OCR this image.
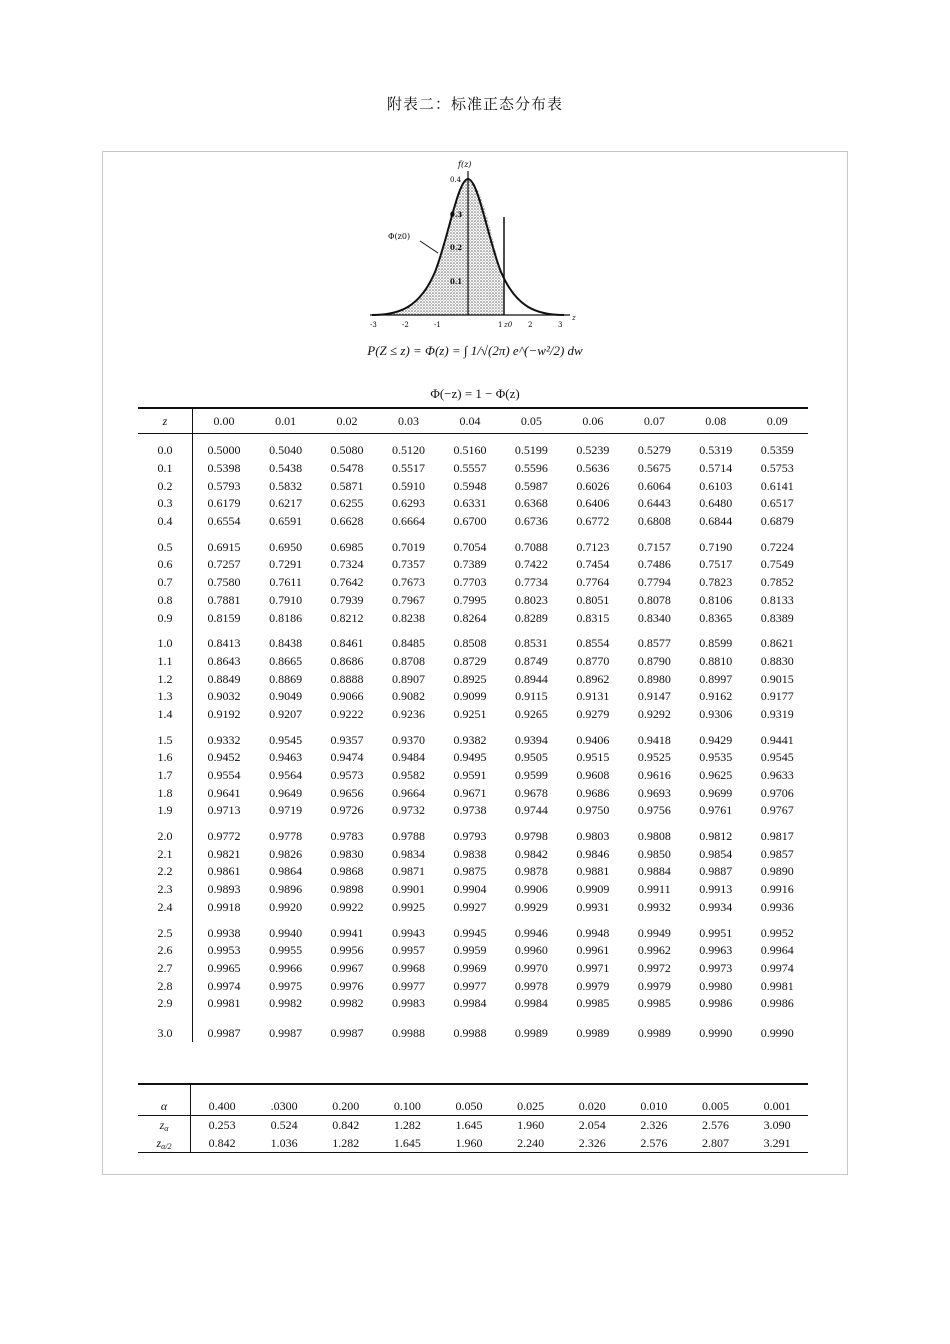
附表二：标准正态分布表
Φ(z0)
f(z)
0.4
0.3
0.2
0.1
-3	-2	-1	1 z0 2	3
z
P(Z ≤ z) = Φ(z) = ∫ 1/√(2π) e^(−w²/2) dw
Φ(−z) = 1 − Φ(z)
z	0.00	0.01	0.02	0.03	0.04	0.05	0.06	0.07	0.08	0.09

0.0	0.5000	0.5040	0.5080	0.5120	0.5160	0.5199	0.5239	0.5279	0.5319	0.5359
0.1	0.5398	0.5438	0.5478	0.5517	0.5557	0.5596	0.5636	0.5675	0.5714	0.5753
0.2	0.5793	0.5832	0.5871	0.5910	0.5948	0.5987	0.6026	0.6064	0.6103	0.6141
0.3	0.6179	0.6217	0.6255	0.6293	0.6331	0.6368	0.6406	0.6443	0.6480	0.6517
0.4	0.6554	0.6591	0.6628	0.6664	0.6700	0.6736	0.6772	0.6808	0.6844	0.6879

0.5	0.6915	0.6950	0.6985	0.7019	0.7054	0.7088	0.7123	0.7157	0.7190	0.7224
0.6	0.7257	0.7291	0.7324	0.7357	0.7389	0.7422	0.7454	0.7486	0.7517	0.7549
0.7	0.7580	0.7611	0.7642	0.7673	0.7703	0.7734	0.7764	0.7794	0.7823	0.7852
0.8	0.7881	0.7910	0.7939	0.7967	0.7995	0.8023	0.8051	0.8078	0.8106	0.8133
0.9	0.8159	0.8186	0.8212	0.8238	0.8264	0.8289	0.8315	0.8340	0.8365	0.8389

1.0	0.8413	0.8438	0.8461	0.8485	0.8508	0.8531	0.8554	0.8577	0.8599	0.8621
1.1	0.8643	0.8665	0.8686	0.8708	0.8729	0.8749	0.8770	0.8790	0.8810	0.8830
1.2	0.8849	0.8869	0.8888	0.8907	0.8925	0.8944	0.8962	0.8980	0.8997	0.9015
1.3	0.9032	0.9049	0.9066	0.9082	0.9099	0.9115	0.9131	0.9147	0.9162	0.9177
1.4	0.9192	0.9207	0.9222	0.9236	0.9251	0.9265	0.9279	0.9292	0.9306	0.9319

1.5	0.9332	0.9545	0.9357	0.9370	0.9382	0.9394	0.9406	0.9418	0.9429	0.9441
1.6	0.9452	0.9463	0.9474	0.9484	0.9495	0.9505	0.9515	0.9525	0.9535	0.9545
1.7	0.9554	0.9564	0.9573	0.9582	0.9591	0.9599	0.9608	0.9616	0.9625	0.9633
1.8	0.9641	0.9649	0.9656	0.9664	0.9671	0.9678	0.9686	0.9693	0.9699	0.9706
1.9	0.9713	0.9719	0.9726	0.9732	0.9738	0.9744	0.9750	0.9756	0.9761	0.9767

2.0	0.9772	0.9778	0.9783	0.9788	0.9793	0.9798	0.9803	0.9808	0.9812	0.9817
2.1	0.9821	0.9826	0.9830	0.9834	0.9838	0.9842	0.9846	0.9850	0.9854	0.9857
2.2	0.9861	0.9864	0.9868	0.9871	0.9875	0.9878	0.9881	0.9884	0.9887	0.9890
2.3	0.9893	0.9896	0.9898	0.9901	0.9904	0.9906	0.9909	0.9911	0.9913	0.9916
2.4	0.9918	0.9920	0.9922	0.9925	0.9927	0.9929	0.9931	0.9932	0.9934	0.9936

2.5	0.9938	0.9940	0.9941	0.9943	0.9945	0.9946	0.9948	0.9949	0.9951	0.9952
2.6	0.9953	0.9955	0.9956	0.9957	0.9959	0.9960	0.9961	0.9962	0.9963	0.9964
2.7	0.9965	0.9966	0.9967	0.9968	0.9969	0.9970	0.9971	0.9972	0.9973	0.9974
2.8	0.9974	0.9975	0.9976	0.9977	0.9977	0.9978	0.9979	0.9979	0.9980	0.9981
2.9	0.9981	0.9982	0.9982	0.9983	0.9984	0.9984	0.9985	0.9985	0.9986	0.9986

3.0	0.9987	0.9987	0.9987	0.9988	0.9988	0.9989	0.9989	0.9989	0.9990	0.9990
α	0.400	.0300	0.200	0.100	0.050	0.025	0.020	0.010	0.005	0.001
$z_\alpha$	0.253	0.524	0.842	1.282	1.645	1.960	2.054	2.326	2.576	3.090
$z_{\alpha/2}$	0.842	1.036	1.282	1.645	1.960	2.240	2.326	2.576	2.807	3.291
